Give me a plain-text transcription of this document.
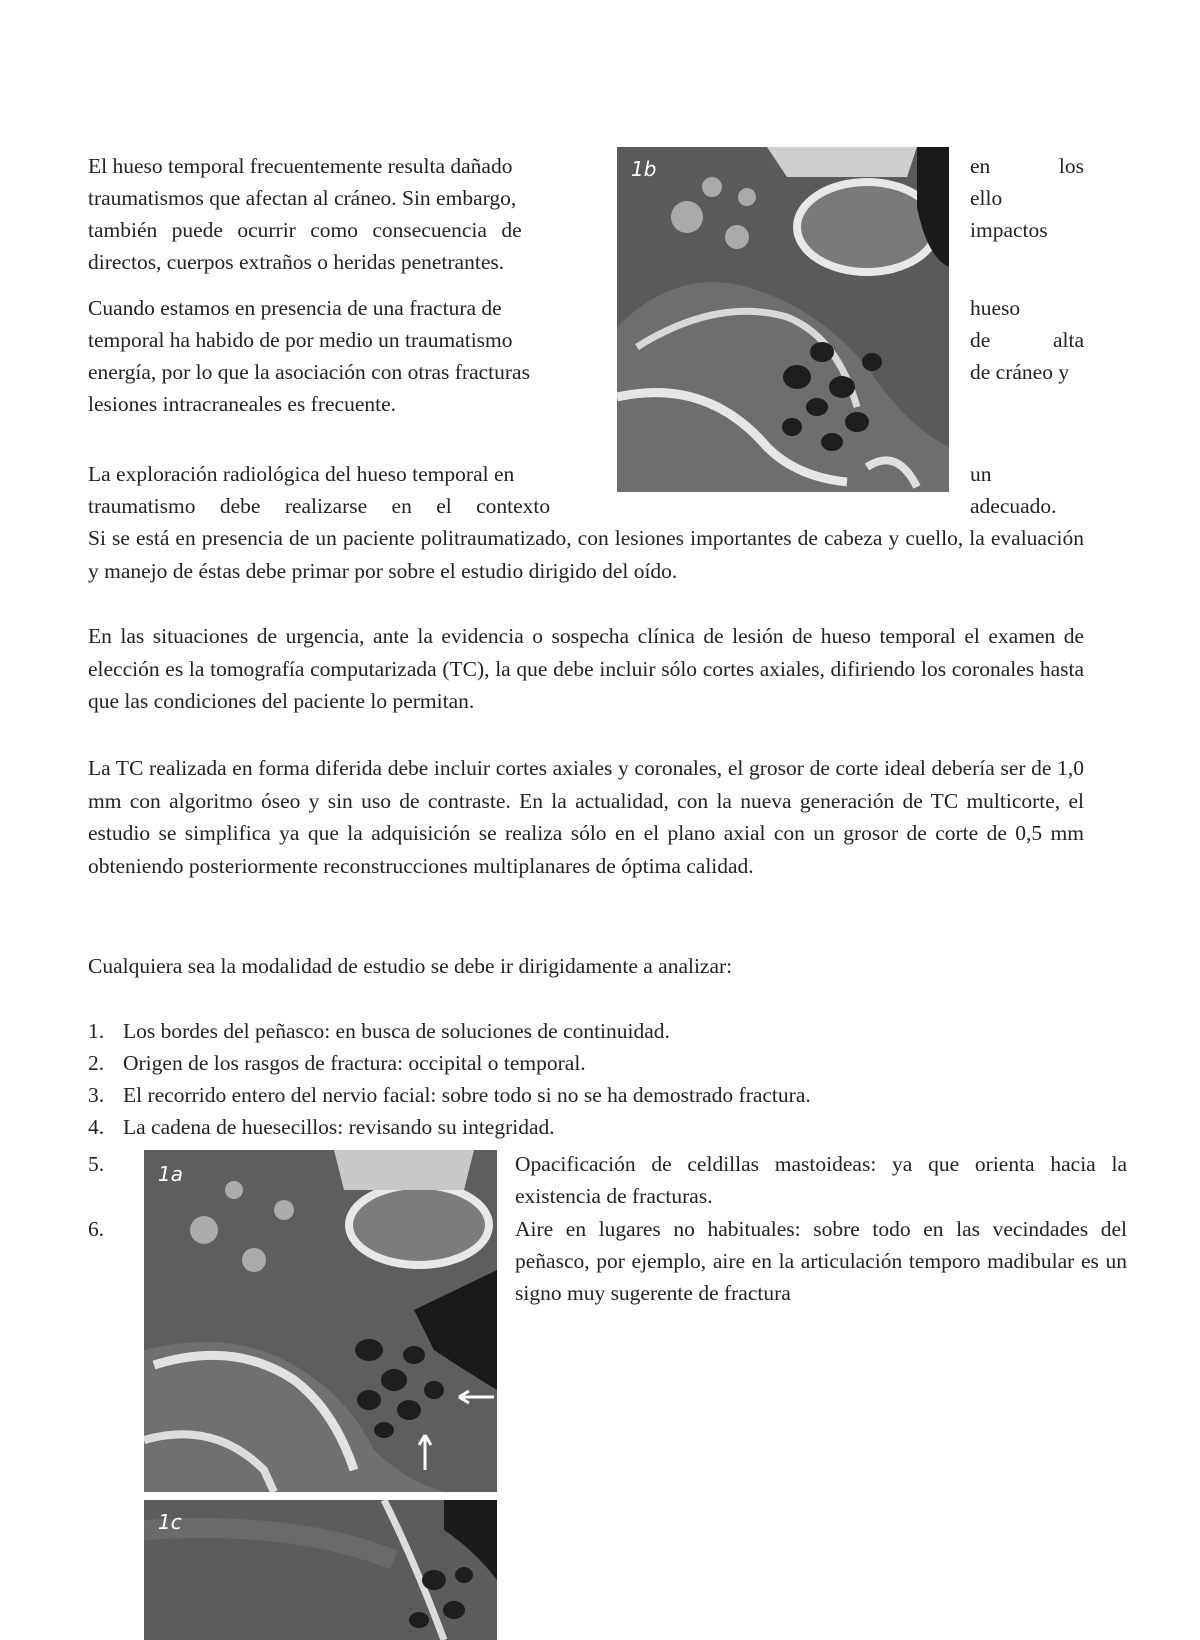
El hueso temporal frecuentemente resulta dañado
traumatismos que afectan al cráneo. Sin embargo,
también puede ocurrir como consecuencia de
directos, cuerpos extraños o heridas penetrantes.
en los
ello
impactos
Cuando estamos en presencia de una fractura de
temporal ha habido de por medio un traumatismo
energía, por lo que la asociación con otras fracturas
lesiones intracraneales es frecuente.
hueso
de alta
de cráneo y
La exploración radiológica del hueso temporal en
traumatismo debe realizarse en el contexto
un
adecuado.
Si se está en presencia de un paciente politraumatizado, con lesiones importantes de cabeza y cuello, la evaluación y manejo de éstas debe primar por sobre el estudio dirigido del oído.
En las situaciones de urgencia, ante la evidencia o sospecha clínica de lesión de hueso temporal el examen de elección es la tomografía computarizada (TC), la que debe incluir sólo cortes axiales, difiriendo los coronales hasta que las condiciones del paciente lo permitan.
La TC realizada en forma diferida debe incluir cortes axiales y coronales, el grosor de corte ideal debería ser de 1,0 mm con algoritmo óseo y sin uso de contraste. En la actualidad, con la nueva generación de TC multicorte, el estudio se simplifica ya que la adquisición se realiza sólo en el plano axial con un grosor de corte de 0,5 mm obteniendo posteriormente reconstrucciones multiplanares de óptima calidad.
Cualquiera sea la modalidad de estudio se debe ir dirigidamente a analizar:
1. Los bordes del peñasco: en busca de soluciones de continuidad.
2. Origen de los rasgos de fractura: occipital o temporal.
3. El recorrido entero del nervio facial: sobre todo si no se ha demostrado fractura.
4. La cadena de huesecillos: revisando su integridad.
5.	Opacificación de celdillas mastoideas: ya que orienta hacia la existencia de fracturas.
6.	Aire en lugares no habituales: sobre todo en las vecindades del peñasco, por ejemplo, aire en la articulación temporo madibular es un signo muy sugerente de fractura
1b
1a
1c
